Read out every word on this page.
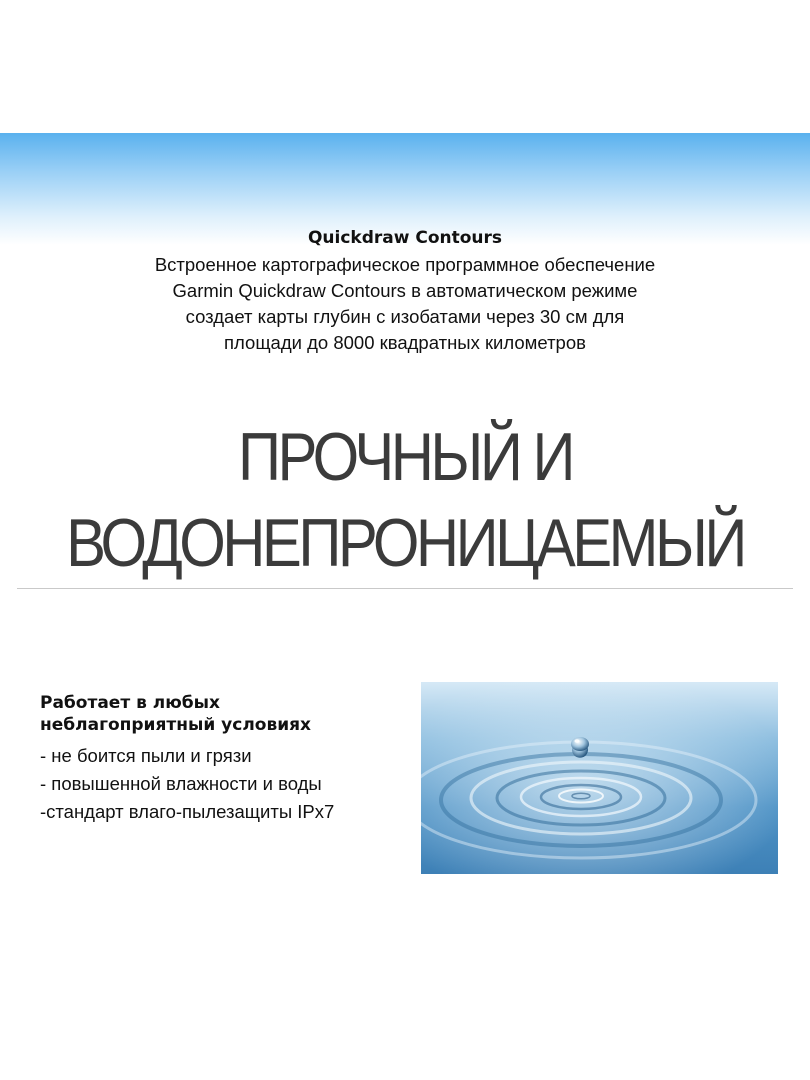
Quickdraw Contours
Встроенное картографическое программное обеспечение
Garmin Quickdraw Contours в автоматическом режиме
создает карты глубин с изобатами через 30 см для
площади до 8000 квадратных километров
ПРОЧНЫЙ И
ВОДОНЕПРОНИЦАЕМЫЙ
Работает в любых
неблагоприятный условиях
- не боится пыли и грязи
- повышенной влажности и воды
-стандарт влаго-пылезащиты IPx7
